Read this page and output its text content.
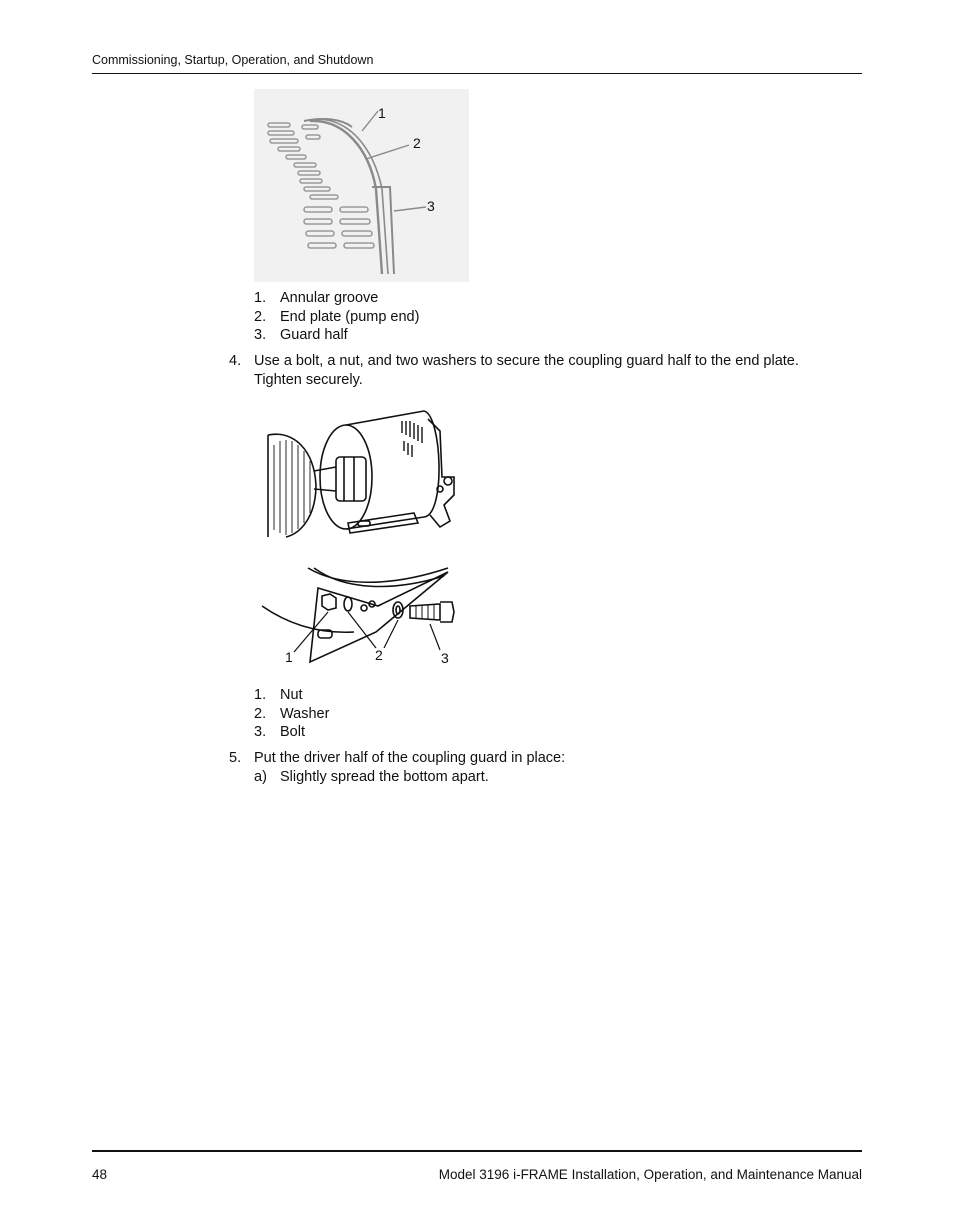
Commissioning, Startup, Operation, and Shutdown
1
2
3
1. Annular groove
2. End plate (pump end)
3. Guard half
4. Use a bolt, a nut, and two washers to secure the coupling guard half to the end plate.
Tighten securely.
1	2	3
1. Nut
2. Washer
3. Bolt
5. Put the driver half of the coupling guard in place:
a) Slightly spread the bottom apart.
48	Model 3196 i-FRAME Installation, Operation, and Maintenance Manual
